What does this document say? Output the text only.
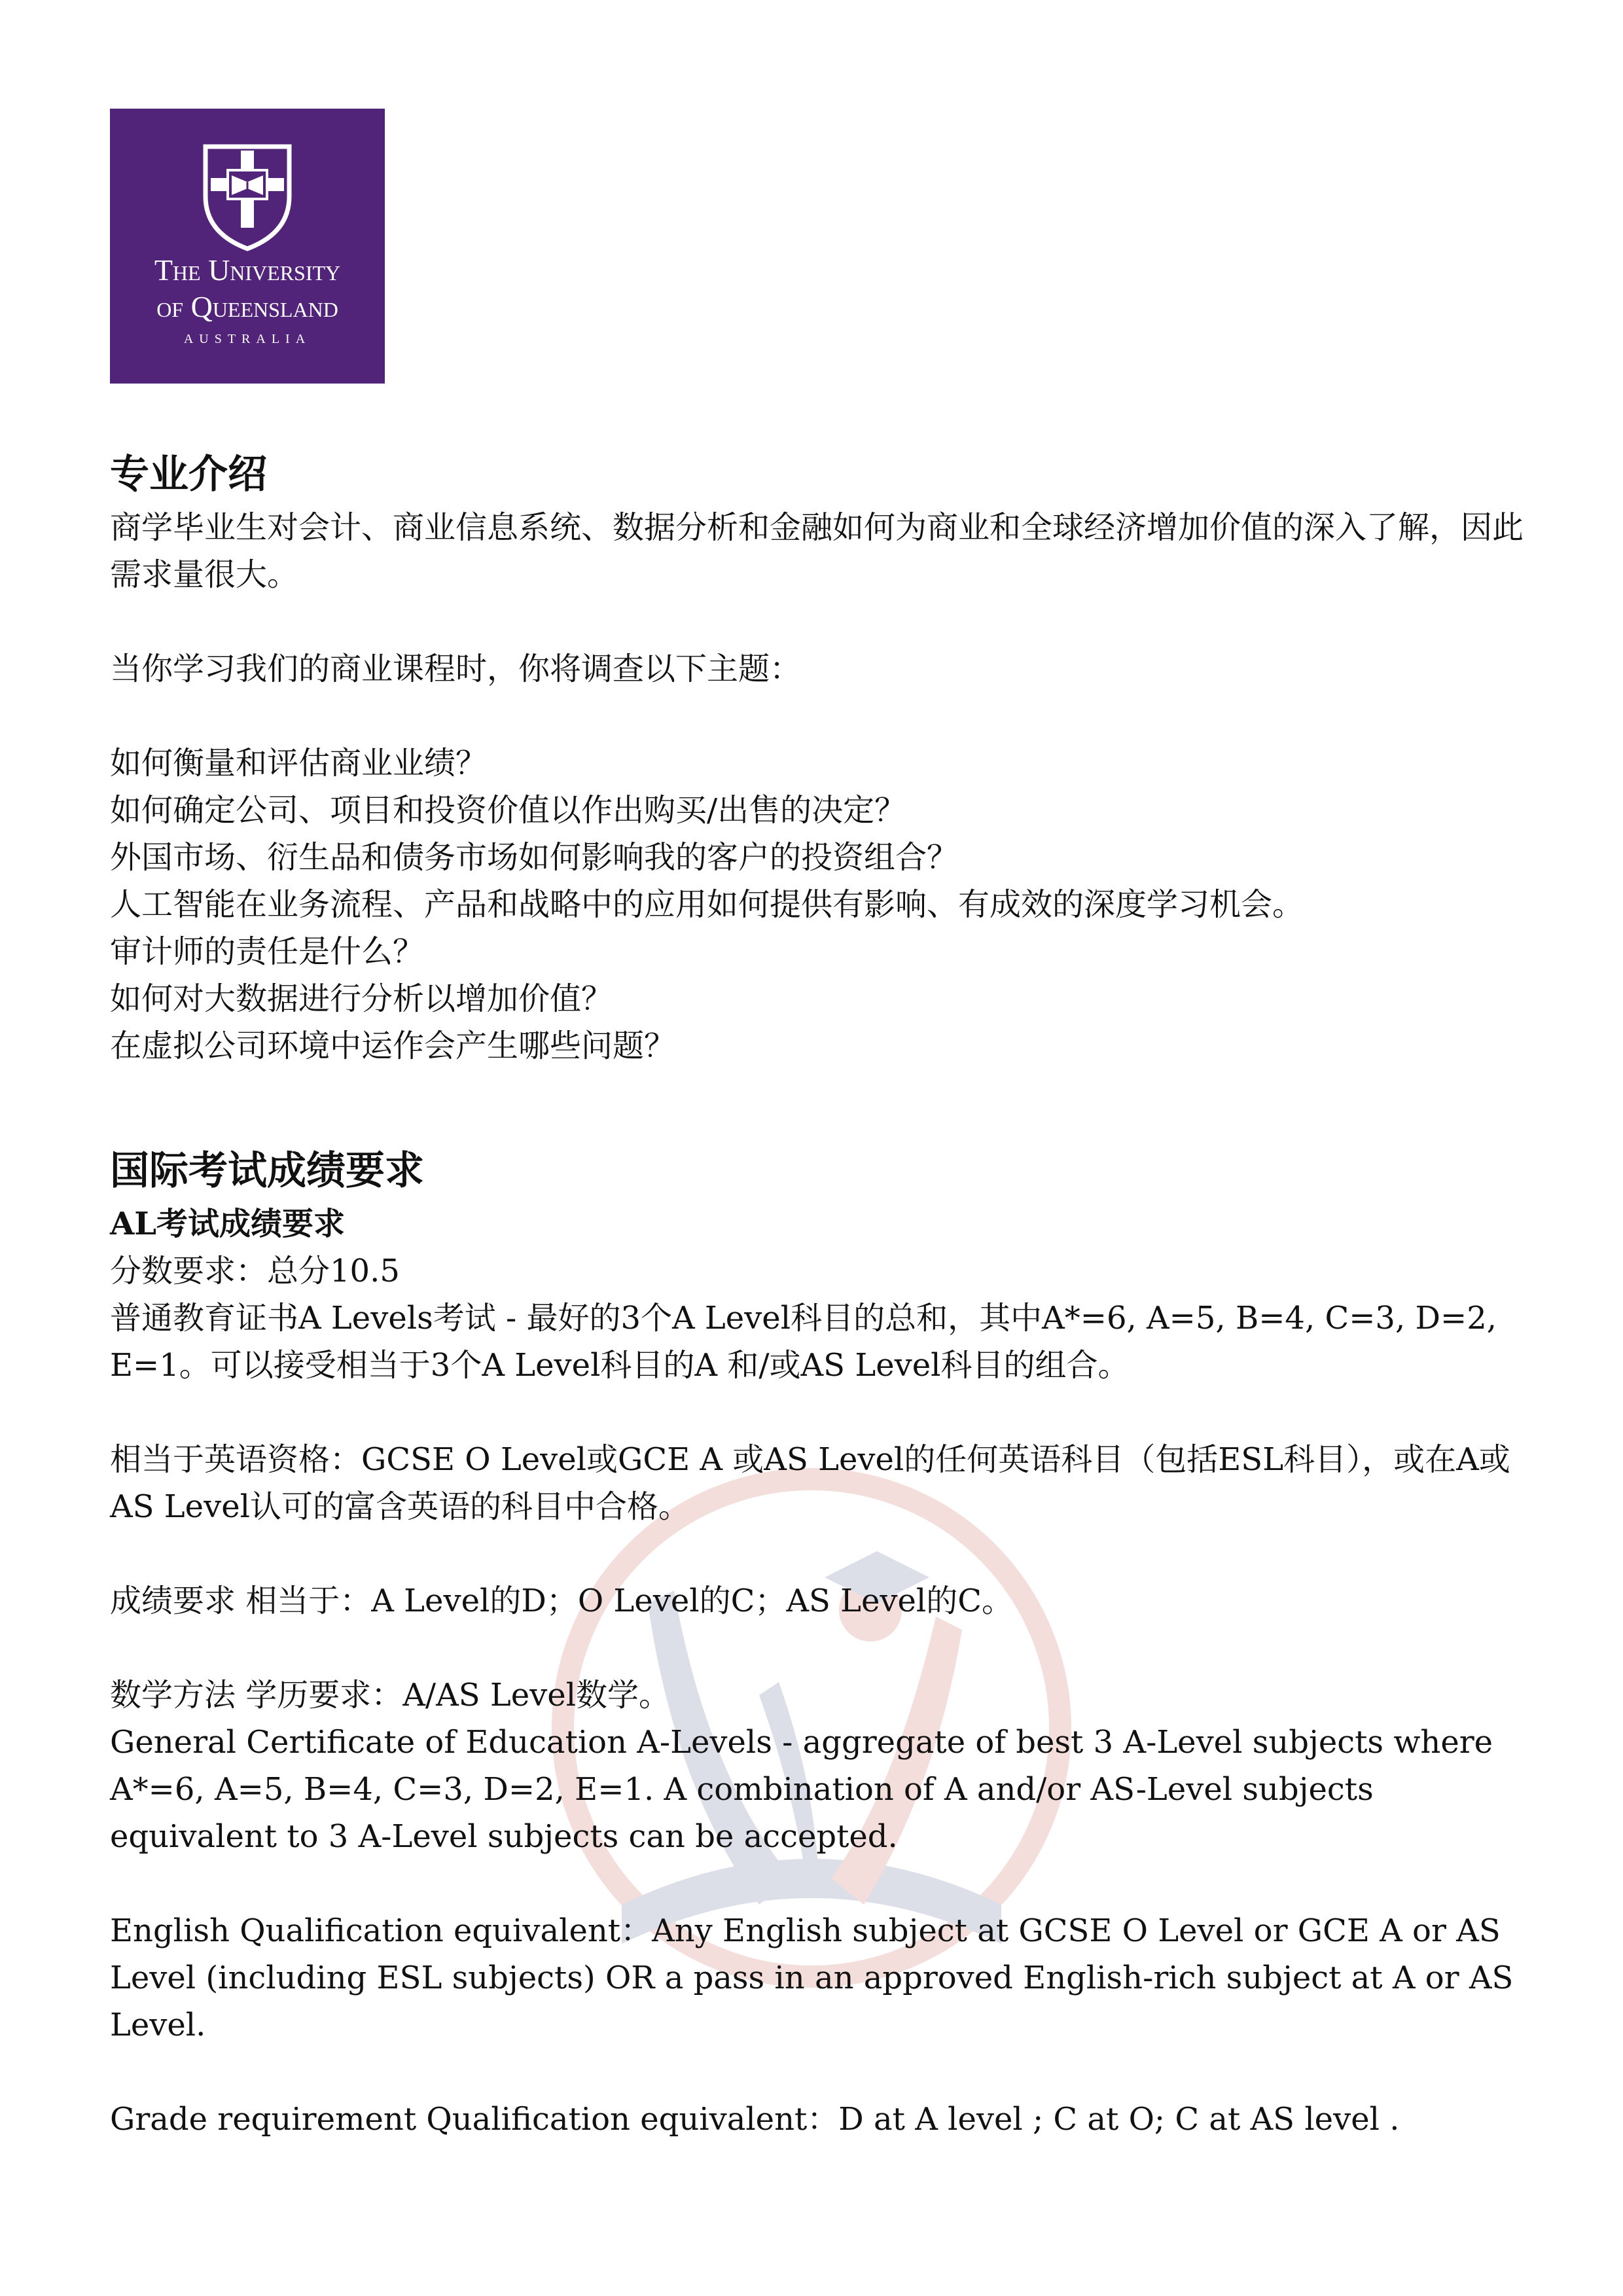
The University
of Queensland
AUSTRALIA
专业介绍
商学毕业生对会计、商业信息系统、数据分析和金融如何为商业和全球经济增加价值的深入了解，因此需求量很大。
当你学习我们的商业课程时，你将调查以下主题：
如何衡量和评估商业业绩？
如何确定公司、项目和投资价值以作出购买/出售的决定？
外国市场、衍生品和债务市场如何影响我的客户的投资组合？
人工智能在业务流程、产品和战略中的应用如何提供有影响、有成效的深度学习机会。
审计师的责任是什么？
如何对大数据进行分析以增加价值？
在虚拟公司环境中运作会产生哪些问题？
国际考试成绩要求
AL考试成绩要求
分数要求：总分10.5
普通教育证书A Levels考试 - 最好的3个A Level科目的总和，其中A*=6, A=5, B=4, C=3, D=2, E=1。可以接受相当于3个A Level科目的A 和/或AS Level科目的组合。
相当于英语资格：GCSE O Level或GCE A 或AS Level的任何英语科目（包括ESL科目），或在A或AS Level认可的富含英语的科目中合格。
成绩要求 相当于：A Level的D；O Level的C；AS Level的C。
数学方法 学历要求：A/AS Level数学。
General Certificate of Education A-Levels - aggregate of best 3 A-Level subjects where A*=6, A=5, B=4, C=3, D=2, E=1. A combination of A and/or AS-Level subjects equivalent to 3 A-Level subjects can be accepted.
English Qualification equivalent：Any English subject at GCSE O Level or GCE A or AS Level (including ESL subjects) OR a pass in an approved English-rich subject at A or AS Level.
Grade requirement Qualification equivalent：D at A level ; C at O; C at AS level .
